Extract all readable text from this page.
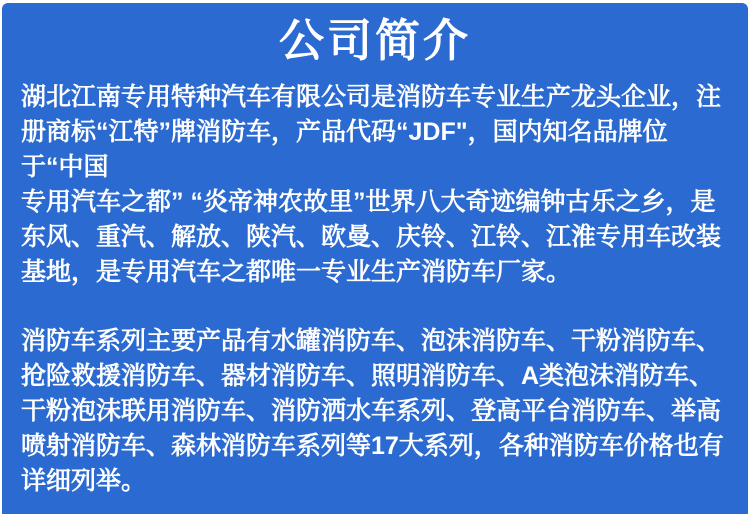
公司简介
湖北江南专用特种汽车有限公司是消防车专业生产龙头企业，注册商标“江特”牌消防车，产品代码“JDF"，国内知名品牌位于“中国
专用汽车之都” “炎帝神农故里”世界八大奇迹编钟古乐之乡，是东风、重汽、解放、陕汽、欧曼、庆铃、江铃、江淮专用车改装基地，是专用汽车之都唯一专业生产消防车厂家。
消防车系列主要产品有水罐消防车、泡沫消防车、干粉消防车、抢险救援消防车、器材消防车、照明消防车、A类泡沫消防车、干粉泡沫联用消防车、消防洒水车系列、登高平台消防车、举高喷射消防车、森林消防车系列等17大系列，各种消防车价格也有详细列举。
